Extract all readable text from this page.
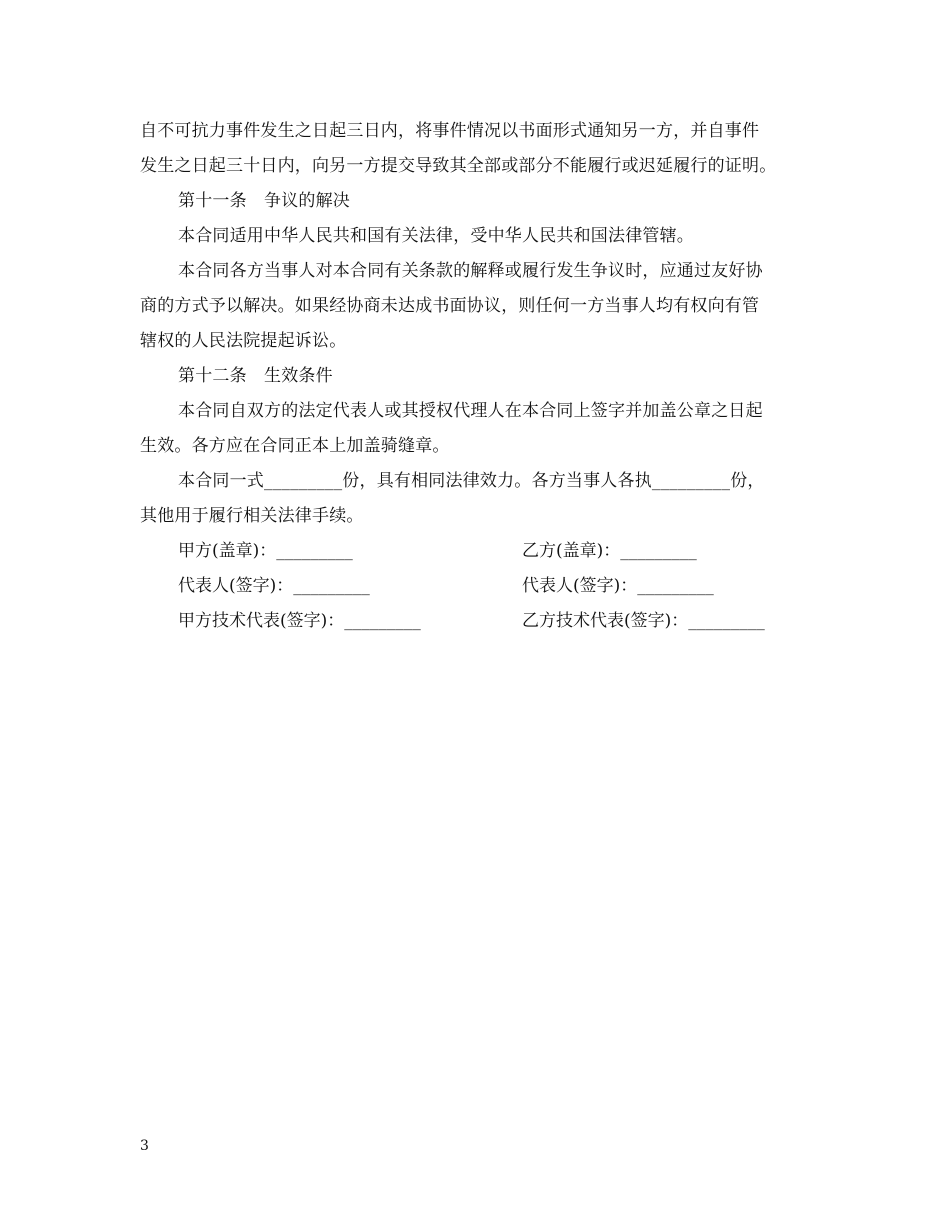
自不可抗力事件发生之日起三日内，将事件情况以书面形式通知另一方，并自事件
发生之日起三十日内，向另一方提交导致其全部或部分不能履行或迟延履行的证明。
第十一条　争议的解决
本合同适用中华人民共和国有关法律，受中华人民共和国法律管辖。
本合同各方当事人对本合同有关条款的解释或履行发生争议时，应通过友好协
商的方式予以解决。如果经协商未达成书面协议，则任何一方当事人均有权向有管
辖权的人民法院提起诉讼。
第十二条　生效条件
本合同自双方的法定代表人或其授权代理人在本合同上签字并加盖公章之日起
生效。各方应在合同正本上加盖骑缝章。
本合同一式_________份，具有相同法律效力。各方当事人各执_________份，
其他用于履行相关法律手续。
甲方(盖章)：_________	乙方(盖章)：_________
代表人(签字)：_________	代表人(签字)：_________
甲方技术代表(签字)：_________	乙方技术代表(签字)：_________
3
